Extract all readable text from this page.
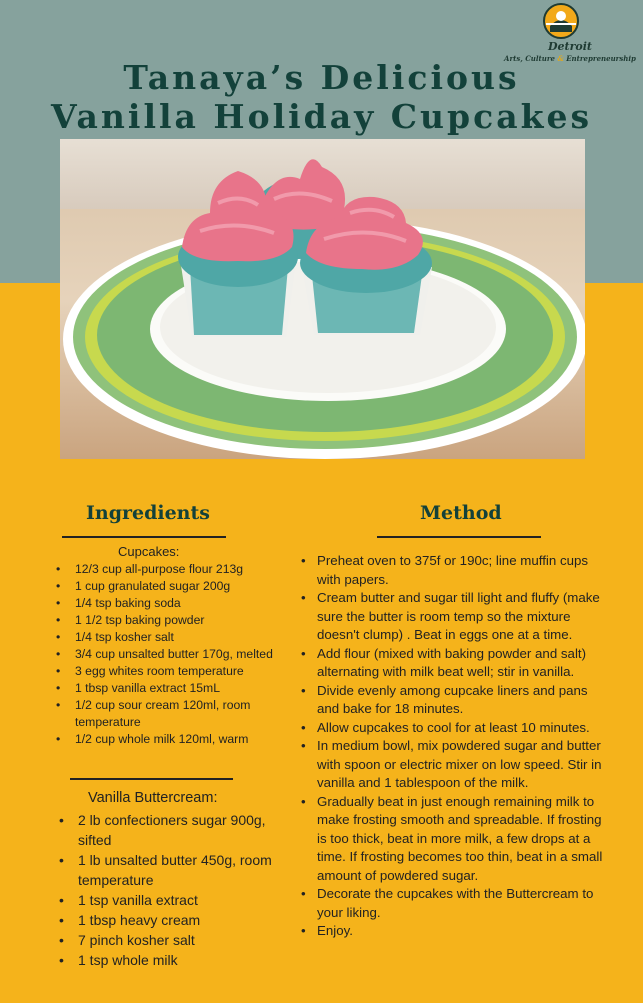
Detroit
Arts, Culture & Entrepreneurship
Tanaya’s Delicious
Vanilla Holiday Cupcakes
Ingredients	Method
Cupcakes:
• 12/3 cup all-purpose flour 213g
• 1 cup granulated sugar 200g
• 1/4 tsp baking soda
• 1 1/2 tsp baking powder
• 1/4 tsp kosher salt
• 3/4 cup unsalted butter 170g, melted
• 3 egg whites room temperature
• 1 tbsp vanilla extract 15mL
• 1/2 cup sour cream 120ml, room temperature
• 1/2 cup whole milk 120ml, warm
Vanilla Buttercream:
• 2 lb confectioners sugar 900g, sifted
• 1 lb unsalted butter 450g, room temperature
• 1 tsp vanilla extract
• 1 tbsp heavy cream
• 7 pinch kosher salt
• 1 tsp whole milk
• Preheat oven to 375f or 190c; line muffin cups with papers.
• Cream butter and sugar till light and fluffy (make sure the butter is room temp so the mixture doesn't clump) . Beat in eggs one at a time.
• Add flour (mixed with baking powder and salt) alternating with milk beat well; stir in vanilla.
• Divide evenly among cupcake liners and pans and bake for 18 minutes.
• Allow cupcakes to cool for at least 10 minutes.
• In medium bowl, mix powdered sugar and butter with spoon or electric mixer on low speed. Stir in vanilla and 1 tablespoon of the milk.
• Gradually beat in just enough remaining milk to make frosting smooth and spreadable. If frosting is too thick, beat in more milk, a few drops at a time. If frosting becomes too thin, beat in a small amount of powdered sugar.
• Decorate the cupcakes with the Buttercream to your liking.
• Enjoy.
